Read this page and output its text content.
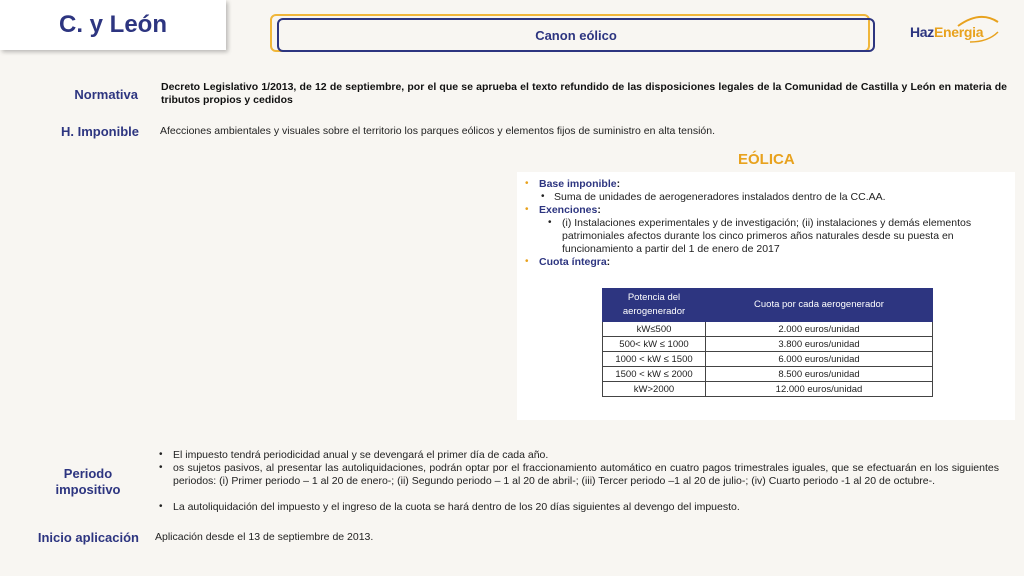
C. y León	Canon eólico	HazEnergia
Normativa Decreto Legislativo 1/2013, de 12 de septiembre, por el que se aprueba el texto refundido de las disposiciones legales de la Comunidad de Castilla y León en materia de tributos propios y cedidos
H. Imponible Afecciones ambientales y visuales sobre el territorio los parques eólicos y elementos fijos de suministro en alta tensión.
EÓLICA
• Base imponible:
• Suma de unidades de aerogeneradores instalados dentro de la CC.AA.
• Exenciones:
• (i) Instalaciones experimentales y de investigación; (ii) instalaciones y demás elementos patrimoniales afectos durante los cinco primeros años naturales desde su puesta en funcionamiento a partir del 1 de enero de 2017
• Cuota íntegra:
Potencia del aerogenerador	Cuota por cada aerogenerador
kW≤500	2.000 euros/unidad
500< kW ≤ 1000	3.800 euros/unidad
1000 < kW ≤ 1500	6.000 euros/unidad
1500 < kW ≤ 2000	8.500 euros/unidad
kW>2000	12.000 euros/unidad
Periodo
impositivo
• El impuesto tendrá periodicidad anual y se devengará el primer día de cada año.
• os sujetos pasivos, al presentar las autoliquidaciones, podrán optar por el fraccionamiento automático en cuatro pagos trimestrales iguales, que se efectuarán en los siguientes periodos: (i) Primer periodo – 1 al 20 de enero-; (ii) Segundo periodo – 1 al 20 de abril-; (iii) Tercer periodo –1 al 20 de julio-; (iv) Cuarto periodo -1 al 20 de octubre-.
• La autoliquidación del impuesto y el ingreso de la cuota se hará dentro de los 20 días siguientes al devengo del impuesto.
Inicio aplicación Aplicación desde el 13 de septiembre de 2013.
